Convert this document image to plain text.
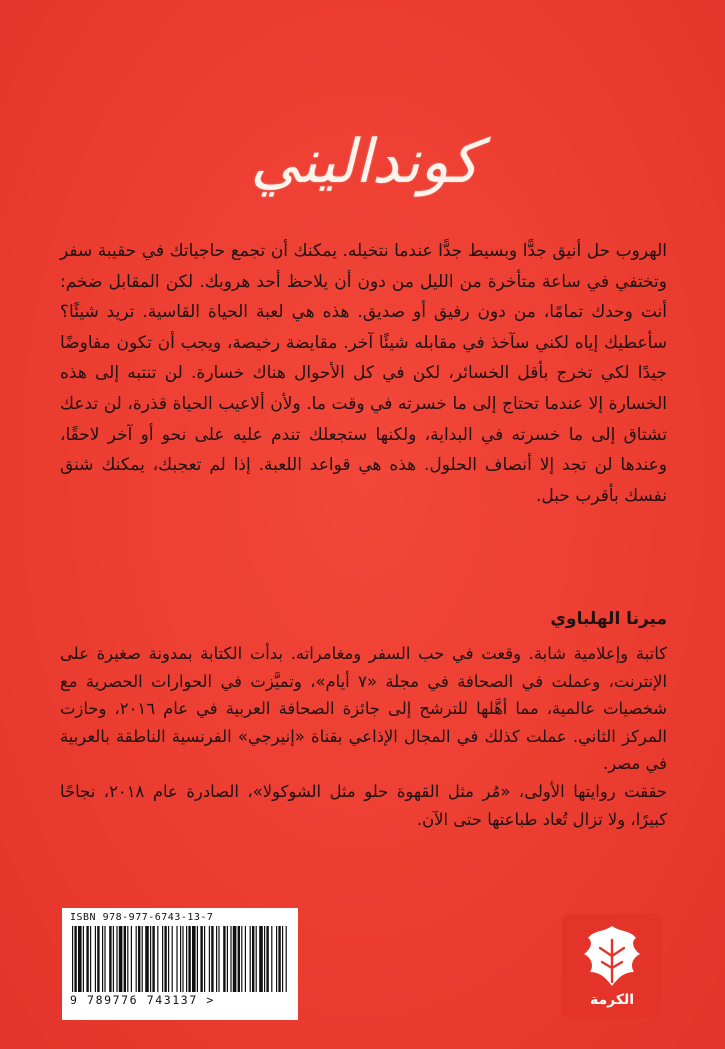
كونداليني

الهروب حل أنيق جدًّا وبسيط جدًّا عندما نتخيله. يمكنك أن تجمع حاجياتك في حقيبة سفر وتختفي في ساعة متأخرة من الليل من دون أن يلاحظ أحد هروبك. لكن المقابل ضخم: أنت وحدك تمامًا، من دون رفيق أو صديق. هذه هي لعبة الحياة القاسية. تريد شيئًا؟ سأعطيك إياه لكني سآخذ في مقابله شيئًا آخر. مقايضة رخيصة، ويجب أن تكون مفاوضًا جيدًا لكي تخرج بأقل الخسائر، لكن في كل الأحوال هناك خسارة. لن تنتبه إلى هذه الخسارة إلا عندما تحتاج إلى ما خسرته في وقت ما. ولأن ألاعيب الحياة قذرة، لن تدعك تشتاق إلى ما خسرته في البداية، ولكنها ستجعلك تندم عليه على نحو أو آخر لاحقًا، وعندها لن تجد إلا أنصاف الحلول. هذه هي قواعد اللعبة. إذا لم تعجبك، يمكنك شنق نفسك بأقرب حبل.

ميرنا الهلباوي

كاتبة وإعلامية شابة. وقعت في حب السفر ومغامراته. بدأت الكتابة بمدونة صغيرة على الإنترنت، وعملت في الصحافة في مجلة «٧ أيام»، وتميَّزت في الحوارات الحصرية مع شخصيات عالمية، مما أهَّلها للترشح إلى جائزة الصحافة العربية في عام ٢٠١٦، وحازت المركز الثاني. عملت كذلك في المجال الإذاعي بقناة «إنيرجي» الفرنسية الناطقة بالعربية في مصر.

حققت روايتها الأولى، «مُر مثل القهوة حلو مثل الشوكولا»، الصادرة عام ٢٠١٨، نجاحًا كبيرًا، ولا تزال تُعاد طباعتها حتى الآن.

ISBN 978-977-6743-13-7
9 789776 743137 >	الكرمة
